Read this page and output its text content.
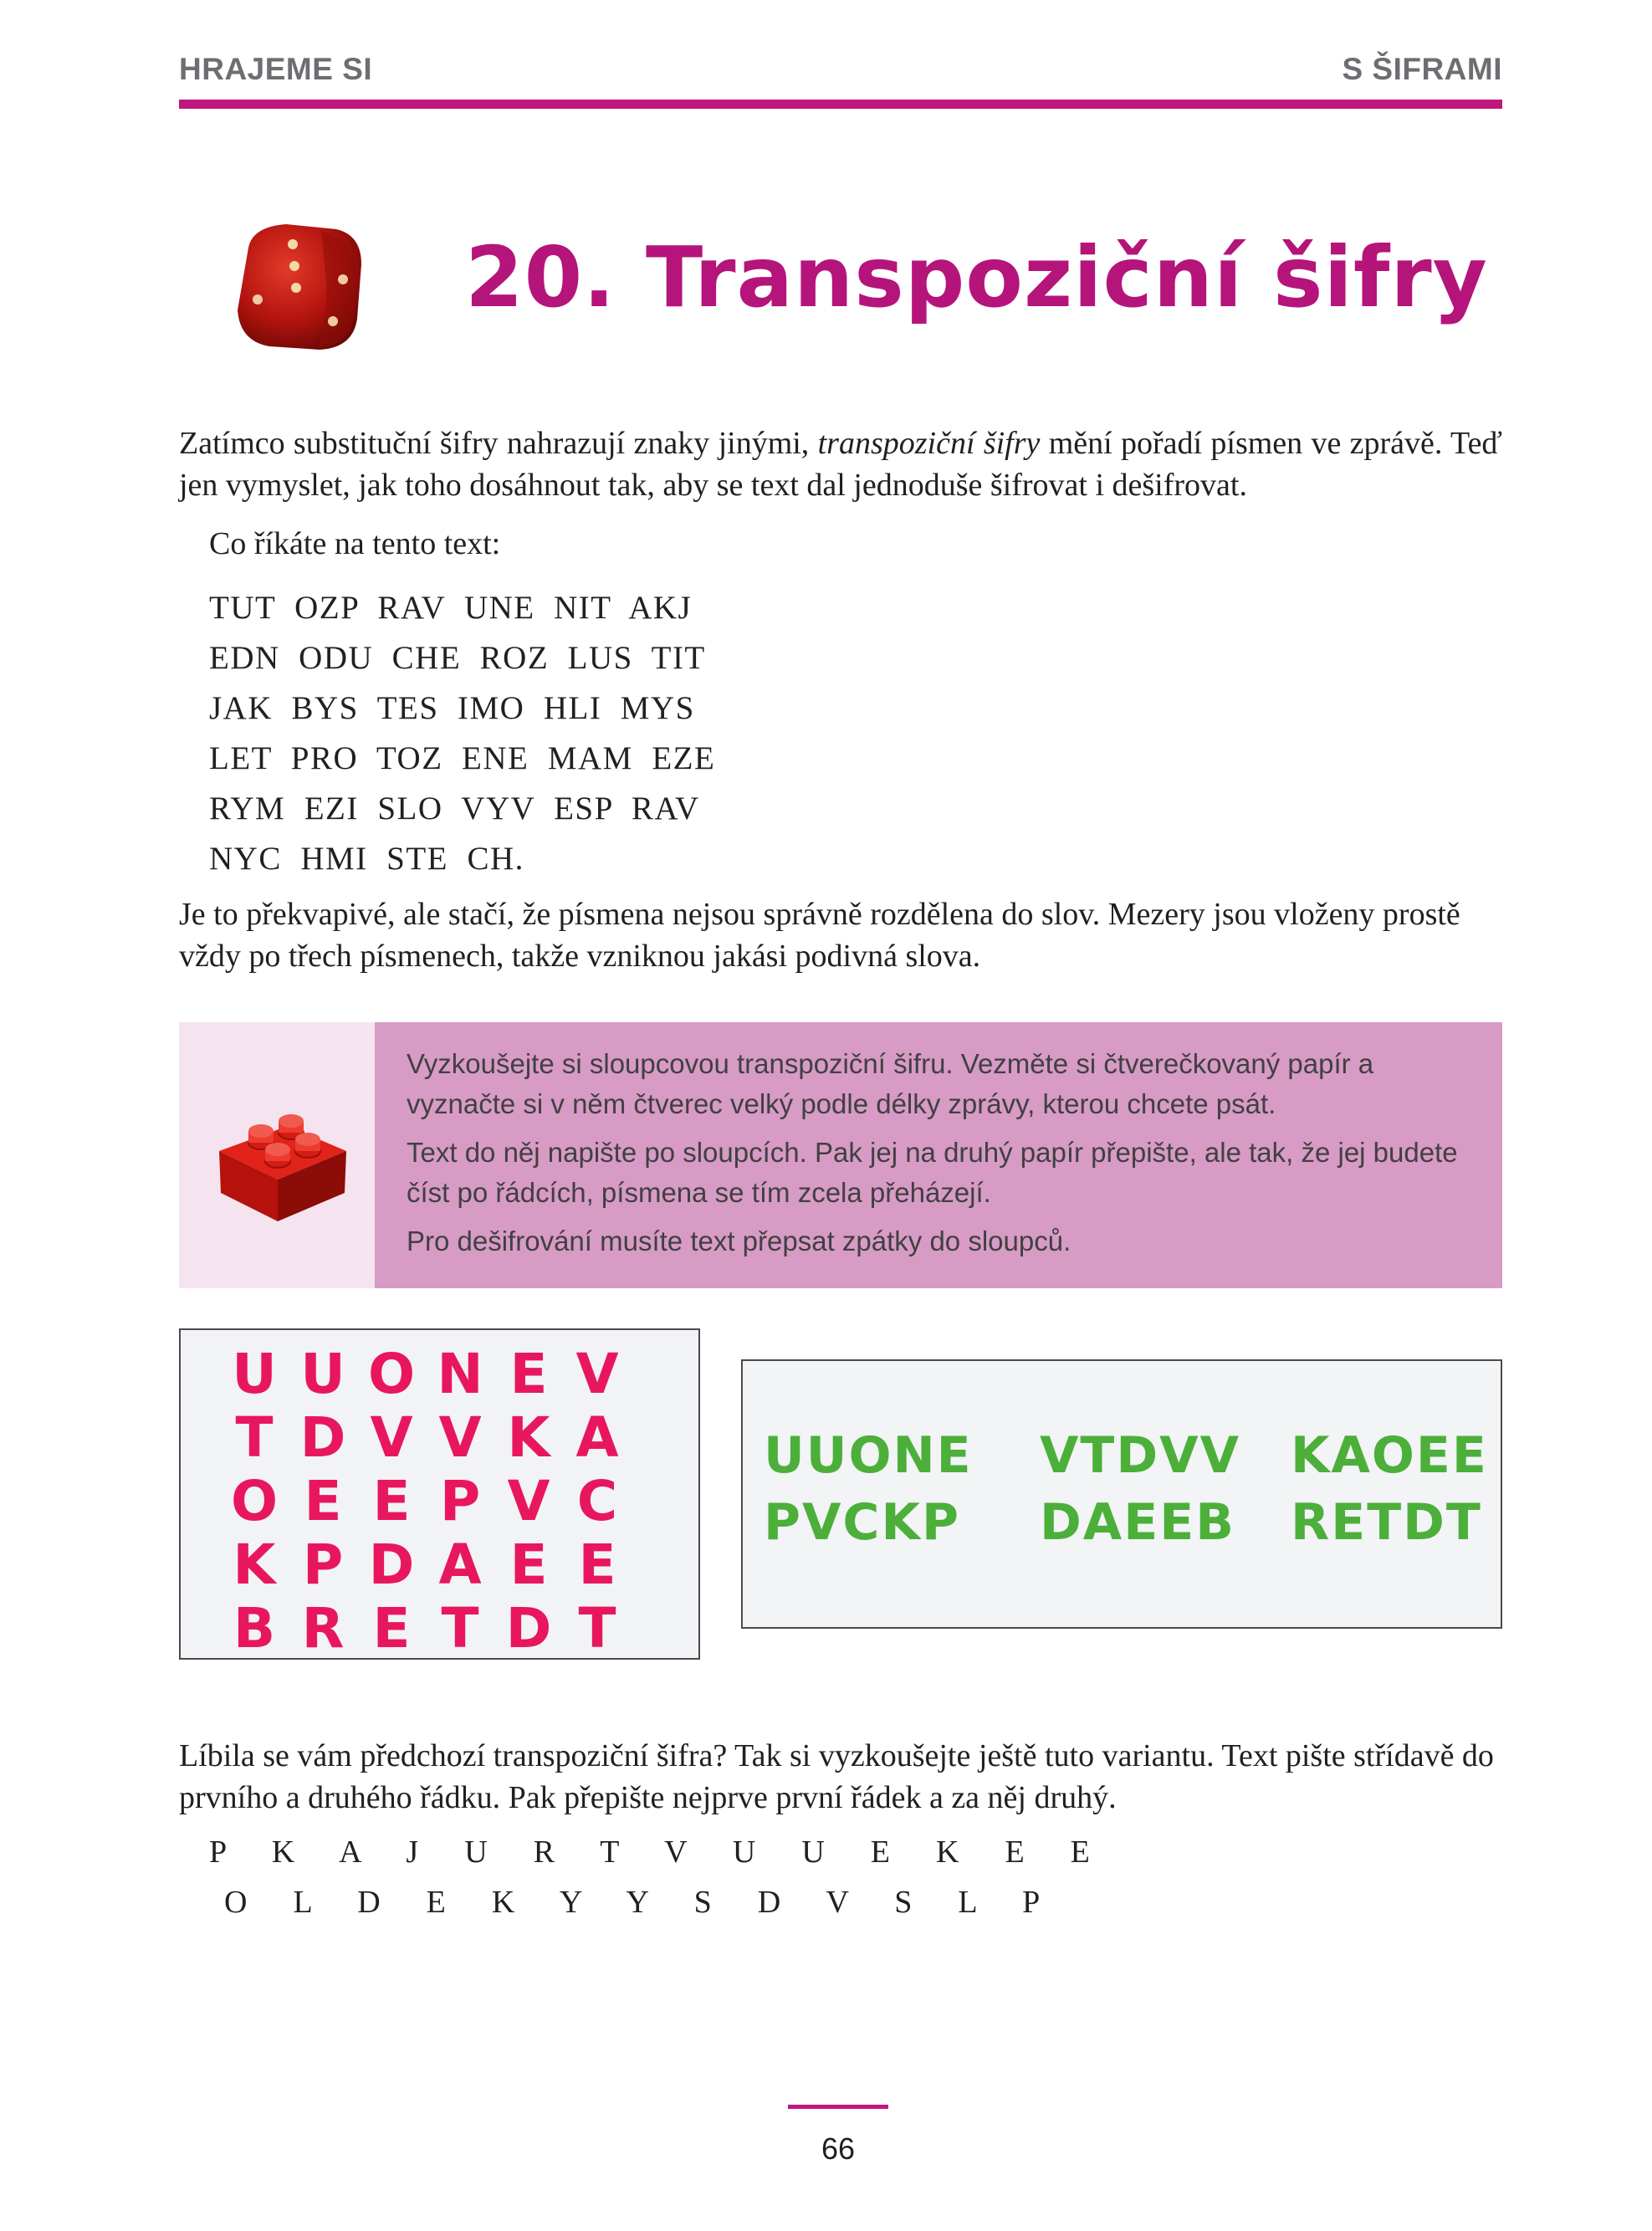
HRAJEME SI	S ŠIFRAMI
20. Transpoziční šifry

Zatímco substituční šifry nahrazují znaky jinými, transpoziční šifry mění pořadí písmen ve zprávě. Teď jen vymyslet, jak toho dosáhnout tak, aby se text dal jednoduše šifrovat i dešifrovat.

Co říkáte na tento text:

TUT  OZP  RAV  UNE  NIT  AKJ
EDN  ODU  CHE  ROZ  LUS  TIT
JAK  BYS  TES  IMO  HLI  MYS
LET  PRO  TOZ  ENE  MAM  EZE
RYM  EZI  SLO  VYV  ESP  RAV
NYC  HMI  STE  CH.

Je to překvapivé, ale stačí, že písmena nejsou správně rozdělena do slov. Mezery jsou vloženy prostě vždy po třech písmenech, takže vzniknou jakási podivná slova.

Vyzkoušejte si sloupcovou transpoziční šifru. Vezměte si čtverečkovaný papír a vyznačte si v něm čtverec velký podle délky zprávy, kterou chcete psát.

Text do něj napište po sloupcích. Pak jej na druhý papír přepište, ale tak, že jej budete číst po řádcích, písmena se tím zcela přeházejí.

Pro dešifrování musíte text přepsat zpátky do sloupců.

U U O N E V
T D V V K A
O E E P V C
K P D A E E
B R E T D T
UUONE VTDVV KAOEE
PVCKP DAEEB RETDT

Líbila se vám předchozí transpoziční šifra? Tak si vyzkoušejte ještě tuto variantu. Text pište střídavě do prvního a druhého řádku. Pak přepište nejprve první řádek a za něj druhý.

P  K  A  J  U  R  T  V  U  U  E  K  E  E

O  L  D  E  K  Y  Y  S  D  V  S  L  P

66
